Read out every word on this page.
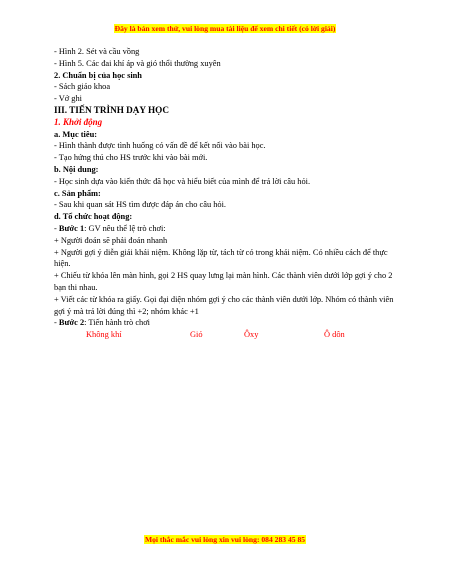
Đây là bản xem thử, vui lòng mua tài liệu để xem chi tiết (có lời giải)
- Hình 2. Sét và cầu vồng
- Hình 5. Các đai khí áp và gió thổi thường xuyên
2. Chuẩn bị của học sinh
- Sách giáo khoa
- Vở ghi
III. TIẾN TRÌNH DẠY HỌC
1. Khởi động
a. Mục tiêu:
- Hình thành được tình huống có vấn đề để kết nối vào bài học.
- Tạo hứng thú cho HS trước khi vào bài mới.
b. Nội dung:
- Học sinh dựa vào kiến thức đã học và hiểu biết của mình để trả lời câu hỏi.
c. Sản phẩm:
- Sau khi quan sát HS tìm được đáp án cho câu hỏi.
d. Tổ chức hoạt động:
- Bước 1: GV nêu thể lệ trò chơi:
+ Người đoán sẽ phải đoán nhanh
+ Người gợi ý diễn giải khái niệm. Không lặp từ, tách từ có trong khái niệm. Có nhiều cách để thực hiện.
+ Chiếu từ khóa lên màn hình, gọi 2 HS quay lưng lại màn hình. Các thành viên dưới lớp gợi ý cho 2 bạn thi nhau.
+ Viết các từ khóa ra giấy. Gọi đại diện nhóm gợi ý cho các thành viên dưới lớp. Nhóm có thành viên gợi ý mà trả lời đúng thì +2; nhóm khác +1
- Bước 2: Tiến hành trò chơi
Không khí	Gió	Ôxy	Ô dôn
Mọi thắc mắc vui lòng xin vui lòng: 084 283 45 85
